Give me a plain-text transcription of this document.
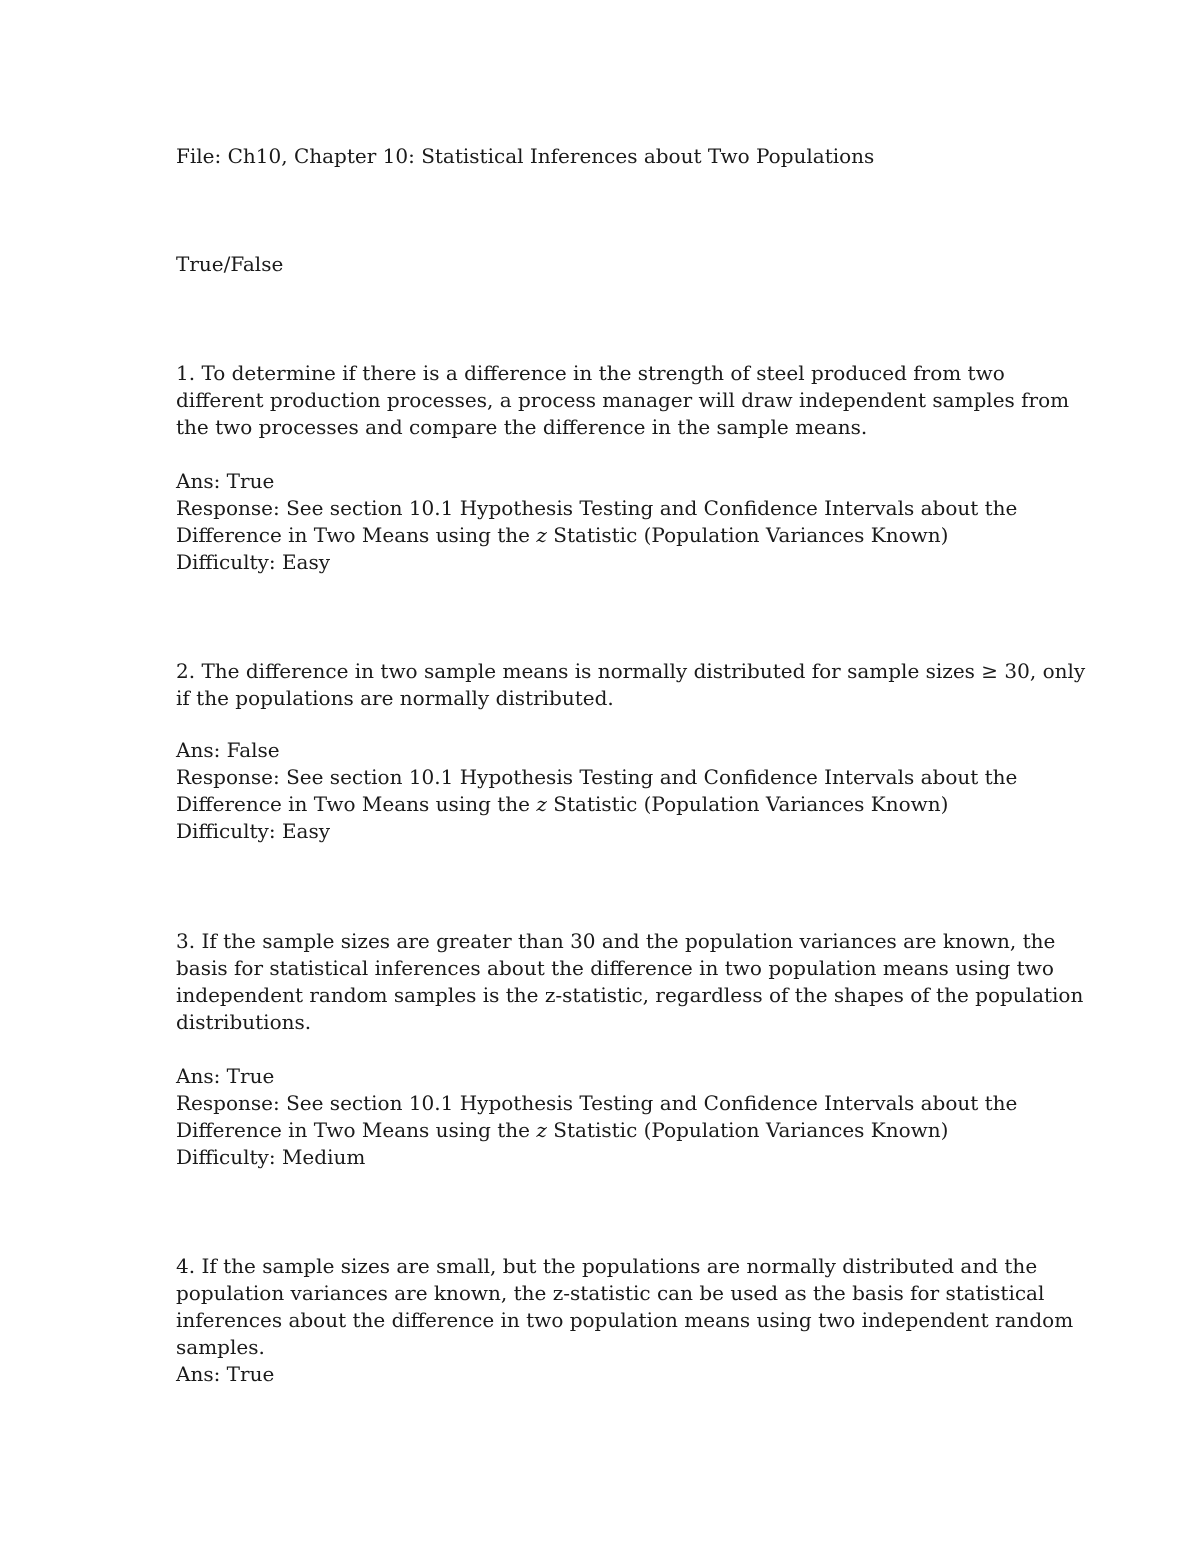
File: Ch10, Chapter 10: Statistical Inferences about Two Populations

True/False

1. To determine if there is a difference in the strength of steel produced from two
different production processes, a process manager will draw independent samples from
the two processes and compare the difference in the sample means.

Ans: True
Response: See section 10.1 Hypothesis Testing and Confidence Intervals about the
Difference in Two Means using the z Statistic (Population Variances Known)
Difficulty: Easy

2. The difference in two sample means is normally distributed for sample sizes ≥ 30, only
if the populations are normally distributed.

Ans: False
Response: See section 10.1 Hypothesis Testing and Confidence Intervals about the
Difference in Two Means using the z Statistic (Population Variances Known)
Difficulty: Easy

3. If the sample sizes are greater than 30 and the population variances are known, the
basis for statistical inferences about the difference in two population means using two
independent random samples is the z-statistic, regardless of the shapes of the population
distributions.

Ans: True
Response: See section 10.1 Hypothesis Testing and Confidence Intervals about the
Difference in Two Means using the z Statistic (Population Variances Known)
Difficulty: Medium

4. If the sample sizes are small, but the populations are normally distributed and the
population variances are known, the z-statistic can be used as the basis for statistical
inferences about the difference in two population means using two independent random
samples.
Ans: True
